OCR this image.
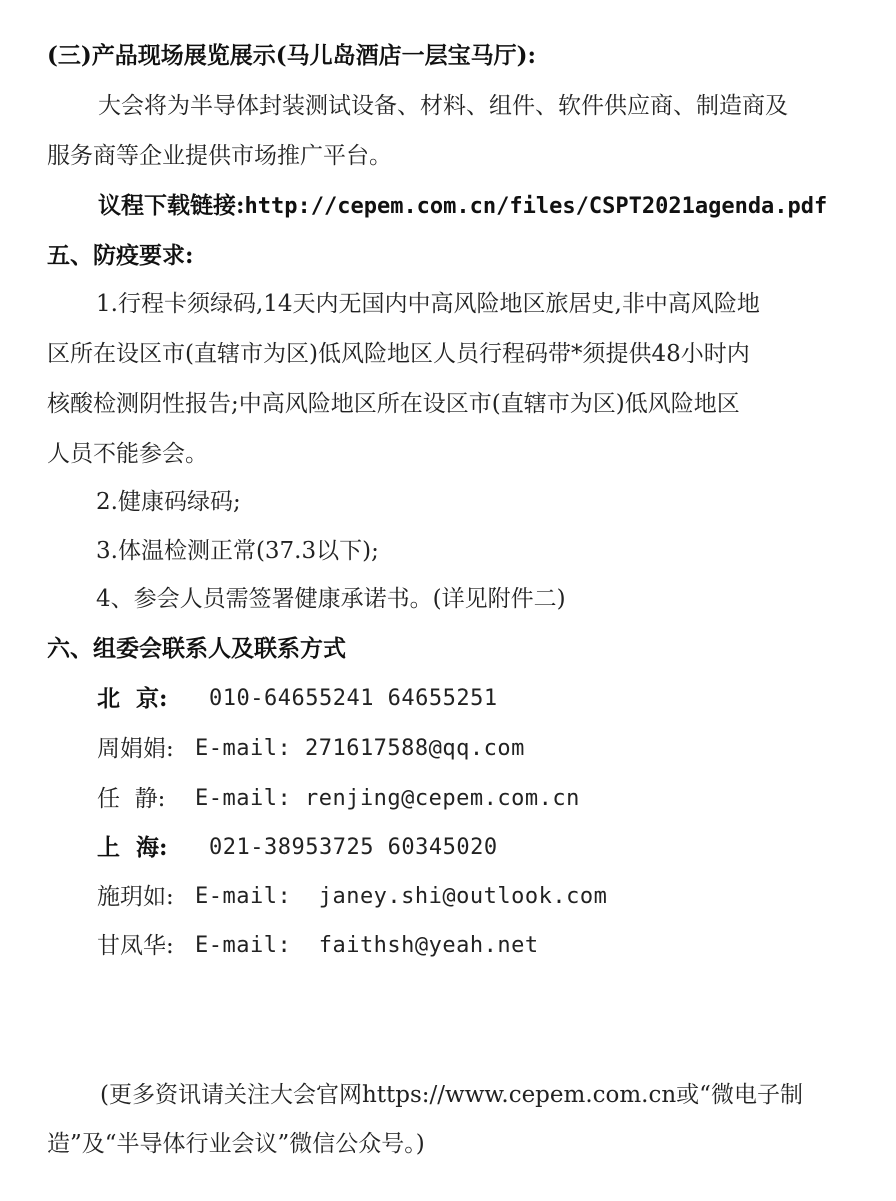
(三)产品现场展览展示(马儿岛酒店一层宝马厅):
大会将为半导体封装测试设备、材料、组件、软件供应商、制造商及
服务商等企业提供市场推广平台。
议程下载链接:http://cepem.com.cn/files/CSPT2021agenda.pdf
五、防疫要求:
1.行程卡须绿码,14天内无国内中高风险地区旅居史,非中高风险地
区所在设区市(直辖市为区)低风险地区人员行程码带*须提供48小时内
核酸检测阴性报告;中高风险地区所在设区市(直辖市为区)低风险地区
人员不能参会。
2.健康码绿码;
3.体温检测正常(37.3以下);
4、参会人员需签署健康承诺书。(详见附件二)
六、组委会联系人及联系方式
北  京: 010-64655241 64655251
周娟娟: E-mail: 271617588@qq.com
任  静: E-mail: renjing@cepem.com.cn
上  海: 021-38953725 60345020
施玥如: E-mail:  janey.shi@outlook.com
甘凤华: E-mail:  faithsh@yeah.net
(更多资讯请关注大会官网https://www.cepem.com.cn或“微电子制
造”及“半导体行业会议”微信公众号。)
